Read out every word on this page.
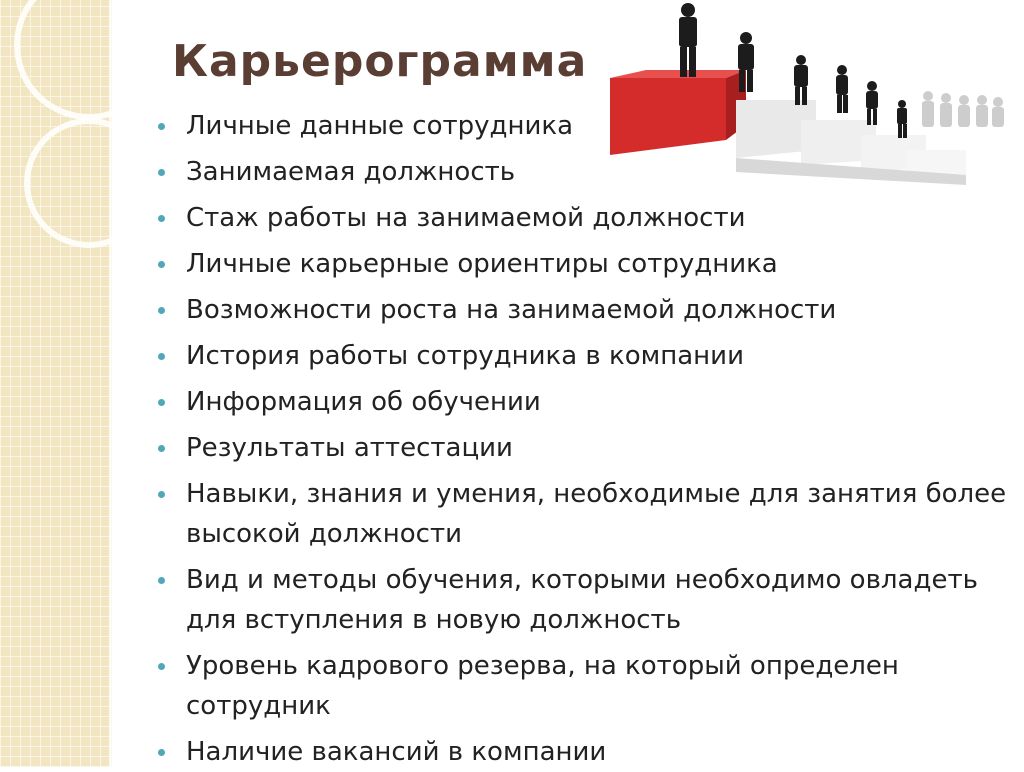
Карьерограмма
Личные данные сотрудника
Занимаемая должность
Стаж работы на занимаемой должности
Личные карьерные ориентиры сотрудника
Возможности роста на занимаемой должности
История работы сотрудника в компании
Информация об обучении
Результаты аттестации
Навыки, знания и умения, необходимые для занятия более высокой должности
Вид и методы обучения, которыми необходимо овладеть для вступления в новую должность
Уровень кадрового резерва, на который определен сотрудник
Наличие вакансий в компании
